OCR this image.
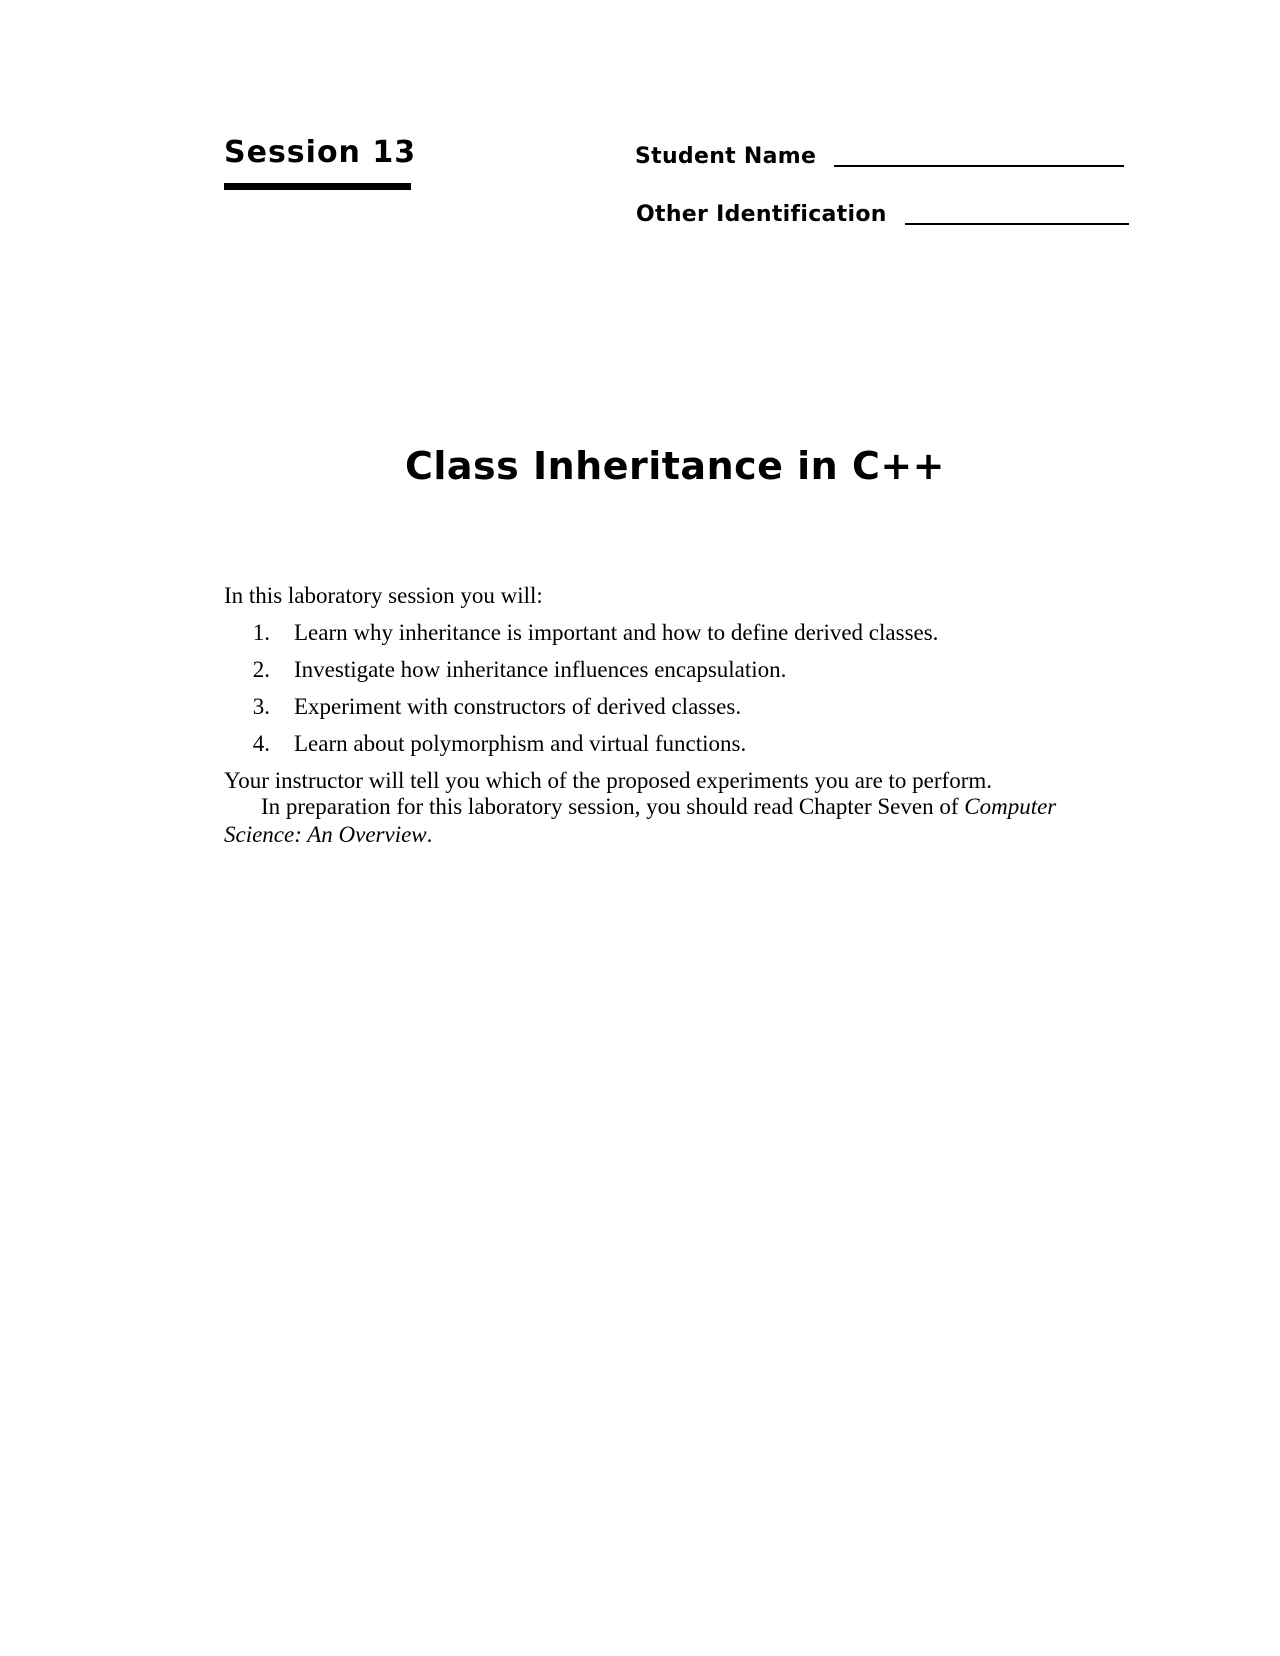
Session 13	Student Name
Other Identification
Class Inheritance in C++

In this laboratory session you will:

1.	Learn why inheritance is important and how to define derived classes.
2.	Investigate how inheritance influences encapsulation.
3.	Experiment with constructors of derived classes.
4.	Learn about polymorphism and virtual functions.

Your instructor will tell you which of the proposed experiments you are to perform.

In preparation for this laboratory session, you should read Chapter Seven of Computer Science: An Overview.
